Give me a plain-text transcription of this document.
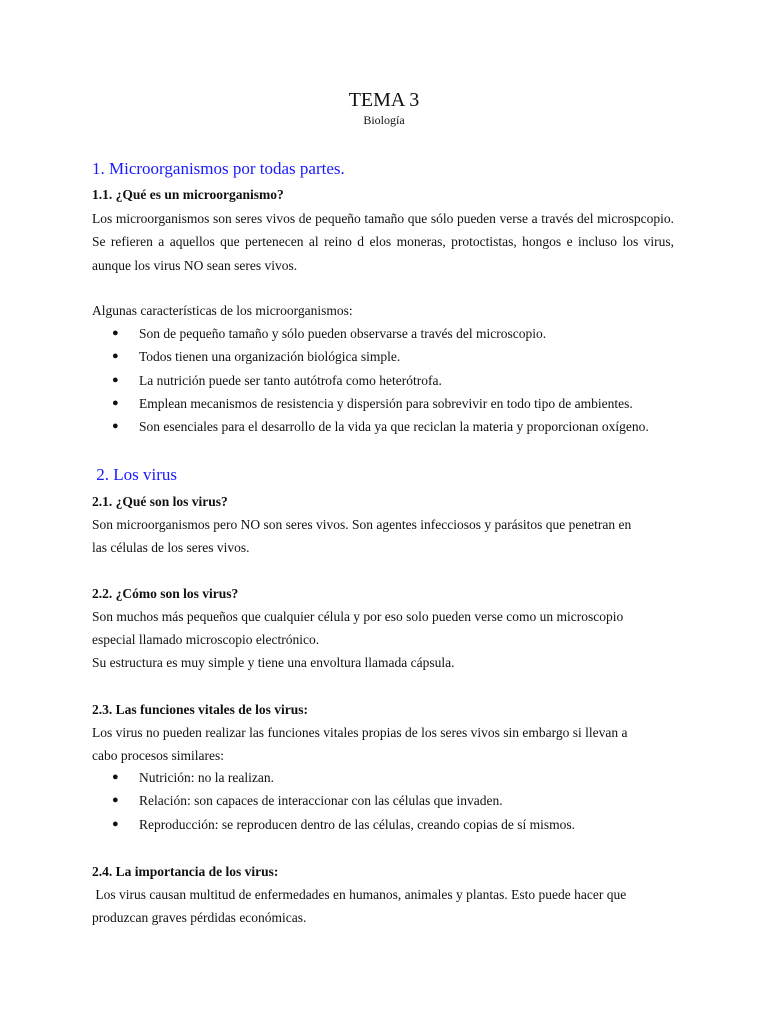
TEMA 3
Biología
1. Microorganismos por todas partes.
1.1. ¿Qué es un microorganismo?
Los microorganismos son seres vivos de pequeño tamaño que sólo pueden verse a través del microspcopio. Se refieren a aquellos que pertenecen al reino d elos moneras, protoctistas, hongos e incluso los virus, aunque los virus NO sean seres vivos.
Algunas características de los microorganismos:
● Son de pequeño tamaño y sólo pueden observarse a través del microscopio.
● Todos tienen una organización biológica simple.
● La nutrición puede ser tanto autótrofa como heterótrofa.
● Emplean mecanismos de resistencia y dispersión para sobrevivir en todo tipo de ambientes.
● Son esenciales para el desarrollo de la vida ya que reciclan la materia y proporcionan oxígeno.
2. Los virus
2.1. ¿Qué son los virus?
Son microorganismos pero NO son seres vivos. Son agentes infecciosos y parásitos que penetran en
las células de los seres vivos.
2.2. ¿Cómo son los virus?
Son muchos más pequeños que cualquier célula y por eso solo pueden verse como un microscopio
especial llamado microscopio electrónico.
Su estructura es muy simple y tiene una envoltura llamada cápsula.
2.3. Las funciones vitales de los virus:
Los virus no pueden realizar las funciones vitales propias de los seres vivos sin embargo si llevan a
cabo procesos similares:
● Nutrición: no la realizan.
● Relación: son capaces de interaccionar con las células que invaden.
● Reproducción: se reproducen dentro de las células, creando copias de sí mismos.
2.4. La importancia de los virus:
Los virus causan multitud de enfermedades en humanos, animales y plantas. Esto puede hacer que
produzcan graves pérdidas económicas.
